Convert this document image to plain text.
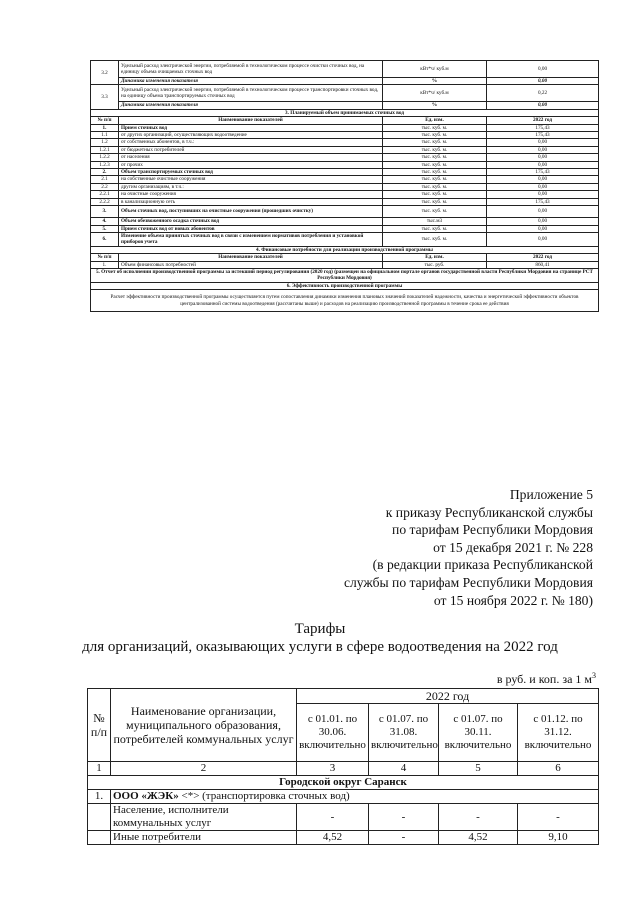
3.2	Удельный расход электрической энергии, потребляемой в технологическом процессе очистки сточных вод, на единицу объема очищаемых сточных вод	кВт*ч/ куб.м	0,00
	Динамика изменения показателя	%	0,00
3.3	Удельный расход электрической энергии, потребляемой в технологическом процессе транспортировки сточных вод, на единицу объема транспортируемых сточных вод	кВт*ч/ куб.м	0,22
	Динамика изменения показателя	%	0,00
3. Планируемый объем принимаемых сточных вод			
№ п/п	Наименование показателей	Ед. изм.	2022 год
1.	Прием сточных вод	тыс. куб. м.	175,43
1.1	от других организаций, осуществляющих водоотведение	тыс. куб. м.	175,43
1.2	от собственных абонентов, в т.ч.:	тыс. куб. м.	0,00
1.2.1	от бюджетных потребителей	тыс. куб. м.	0,00
1.2.2	от населения	тыс. куб. м.	0,00
1.2.3	от прочих	тыс. куб. м.	0,00
2.	Объем транспортируемых сточных вод	тыс. куб. м.	175,43
2.1	на собственные очистные сооружения	тыс. куб. м.	0,00
2.2	другим организациям, в т.ч.:	тыс. куб. м.	0,00
2.2.1	на очистные сооружения	тыс. куб. м.	0,00
2.2.2	в канализационную сеть	тыс. куб. м.	175,43
3.	Объем сточных вод, поступивших на очистные сооружения (прошедших очистку)	тыс. куб. м.	0,00
4.	Объем обезвоженного осадка сточных вод	тыс.м3	0,00
5.	Прием сточных вод от новых абонентов	тыс. куб. м.	0,00
6.	Изменение объема принятых сточных вод в связи с изменением нормативов потребления и установкой приборов учета	тыс. куб. м.	0,00
4. Финансовые потребности для реализации производственной программы			
№ п/п	Наименование показателей	Ед. изм.	2022 год
1.	Объем финансовых потребностей	тыс. руб.	860,41
5. Отчет об исполнении производственной программы за истекший период регулирования (2020 год) (размещен на официальном портале органов государственной власти Республики Мордовия на странице РСТ Республики Мордовия)			
6. Эффективность производственной программы			
Расчет эффективности производственной программы осуществляется путем сопоставления динамики изменения плановых значений показателей надежности, качества и энергетической эффективности объектов централизованной системы водоотведения (рассчитаны выше) и расходов на реализацию производственной программы в течение срока ее действия			
Приложение 5
к приказу Республиканской службы
по тарифам Республики Мордовия
от 15 декабря 2021 г. № 228
(в редакции приказа Республиканской
службы по тарифам Республики Мордовия
от 15 ноября 2022 г. № 180)
Тарифы
для организаций, оказывающих услуги в сфере водоотведения на 2022 год
в руб. и коп. за 1 $м^3$
№ п/п	Наименование организации, муниципального образования, потребителей коммунальных услуг	2022 год			
		с 01.01. по 30.06. включительно	с 01.07. по 31.08. включительно	с 01.07. по 30.11. включительно	с 01.12. по 31.12. включительно
1	2	3	4	5	6
Городской округ Саранск					
1.	ООО «ЖЭК» <*> (транспортировка сточных вод)				
	Население, исполнители коммунальных услуг	-	-	-	-
	Иные потребители	4,52	-	4,52	9,10
